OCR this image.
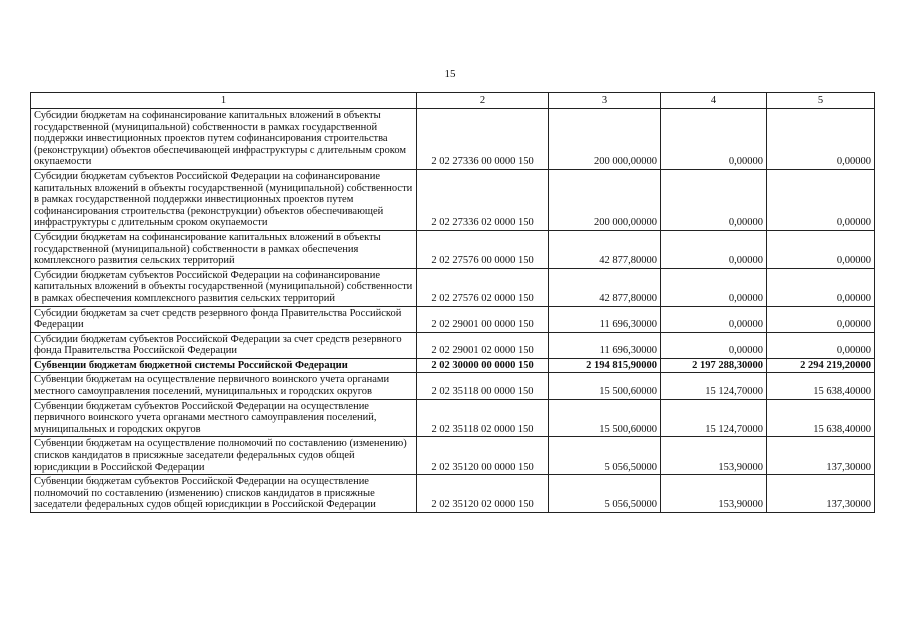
15
1	2	3	4	5
Субсидии бюджетам на софинансирование капитальных вложений в объекты государственной (муниципальной) собственности в рамках государственной поддержки инвестиционных проектов путем софинансирования строительства (реконструкции) объектов обеспечивающей инфраструктуры с длительным сроком окупаемости	2 02 27336 00 0000 150	200 000,00000	0,00000	0,00000
Субсидии бюджетам субъектов Российской Федерации на софинансирование капитальных вложений в объекты государственной (муниципальной) собственности в рамках государственной поддержки инвестиционных проектов путем софинансирования строительства (реконструкции) объектов обеспечивающей инфраструктуры с длительным сроком окупаемости	2 02 27336 02 0000 150	200 000,00000	0,00000	0,00000
Субсидии бюджетам на софинансирование капитальных вложений в объекты государственной (муниципальной) собственности в рамках обеспечения комплексного развития сельских территорий	2 02 27576 00 0000 150	42 877,80000	0,00000	0,00000
Субсидии бюджетам субъектов Российской Федерации на софинансирование капитальных вложений в объекты государственной (муниципальной) собственности в рамках обеспечения комплексного развития сельских территорий	2 02 27576 02 0000 150	42 877,80000	0,00000	0,00000
Субсидии бюджетам за счет средств резервного фонда Правительства Российской Федерации	2 02 29001 00 0000 150	11 696,30000	0,00000	0,00000
Субсидии бюджетам субъектов Российской Федерации за счет средств резервного фонда Правительства Российской Федерации	2 02 29001 02 0000 150	11 696,30000	0,00000	0,00000
Субвенции бюджетам бюджетной системы Российской Федерации	2 02 30000 00 0000 150	2 194 815,90000	2 197 288,30000	2 294 219,20000
Субвенции бюджетам на осуществление первичного воинского учета органами местного самоуправления поселений, муниципальных и городских округов	2 02 35118 00 0000 150	15 500,60000	15 124,70000	15 638,40000
Субвенции бюджетам субъектов Российской Федерации на осуществление первичного воинского учета органами местного самоуправления поселений, муниципальных и городских округов	2 02 35118 02 0000 150	15 500,60000	15 124,70000	15 638,40000
Субвенции бюджетам на осуществление полномочий по составлению (изменению) списков кандидатов в присяжные заседатели федеральных судов общей юрисдикции в Российской Федерации	2 02 35120 00 0000 150	5 056,50000	153,90000	137,30000
Субвенции бюджетам субъектов Российской Федерации на осуществление полномочий по составлению (изменению) списков кандидатов в присяжные заседатели федеральных судов общей юрисдикции в Российской Федерации	2 02 35120 02 0000 150	5 056,50000	153,90000	137,30000
